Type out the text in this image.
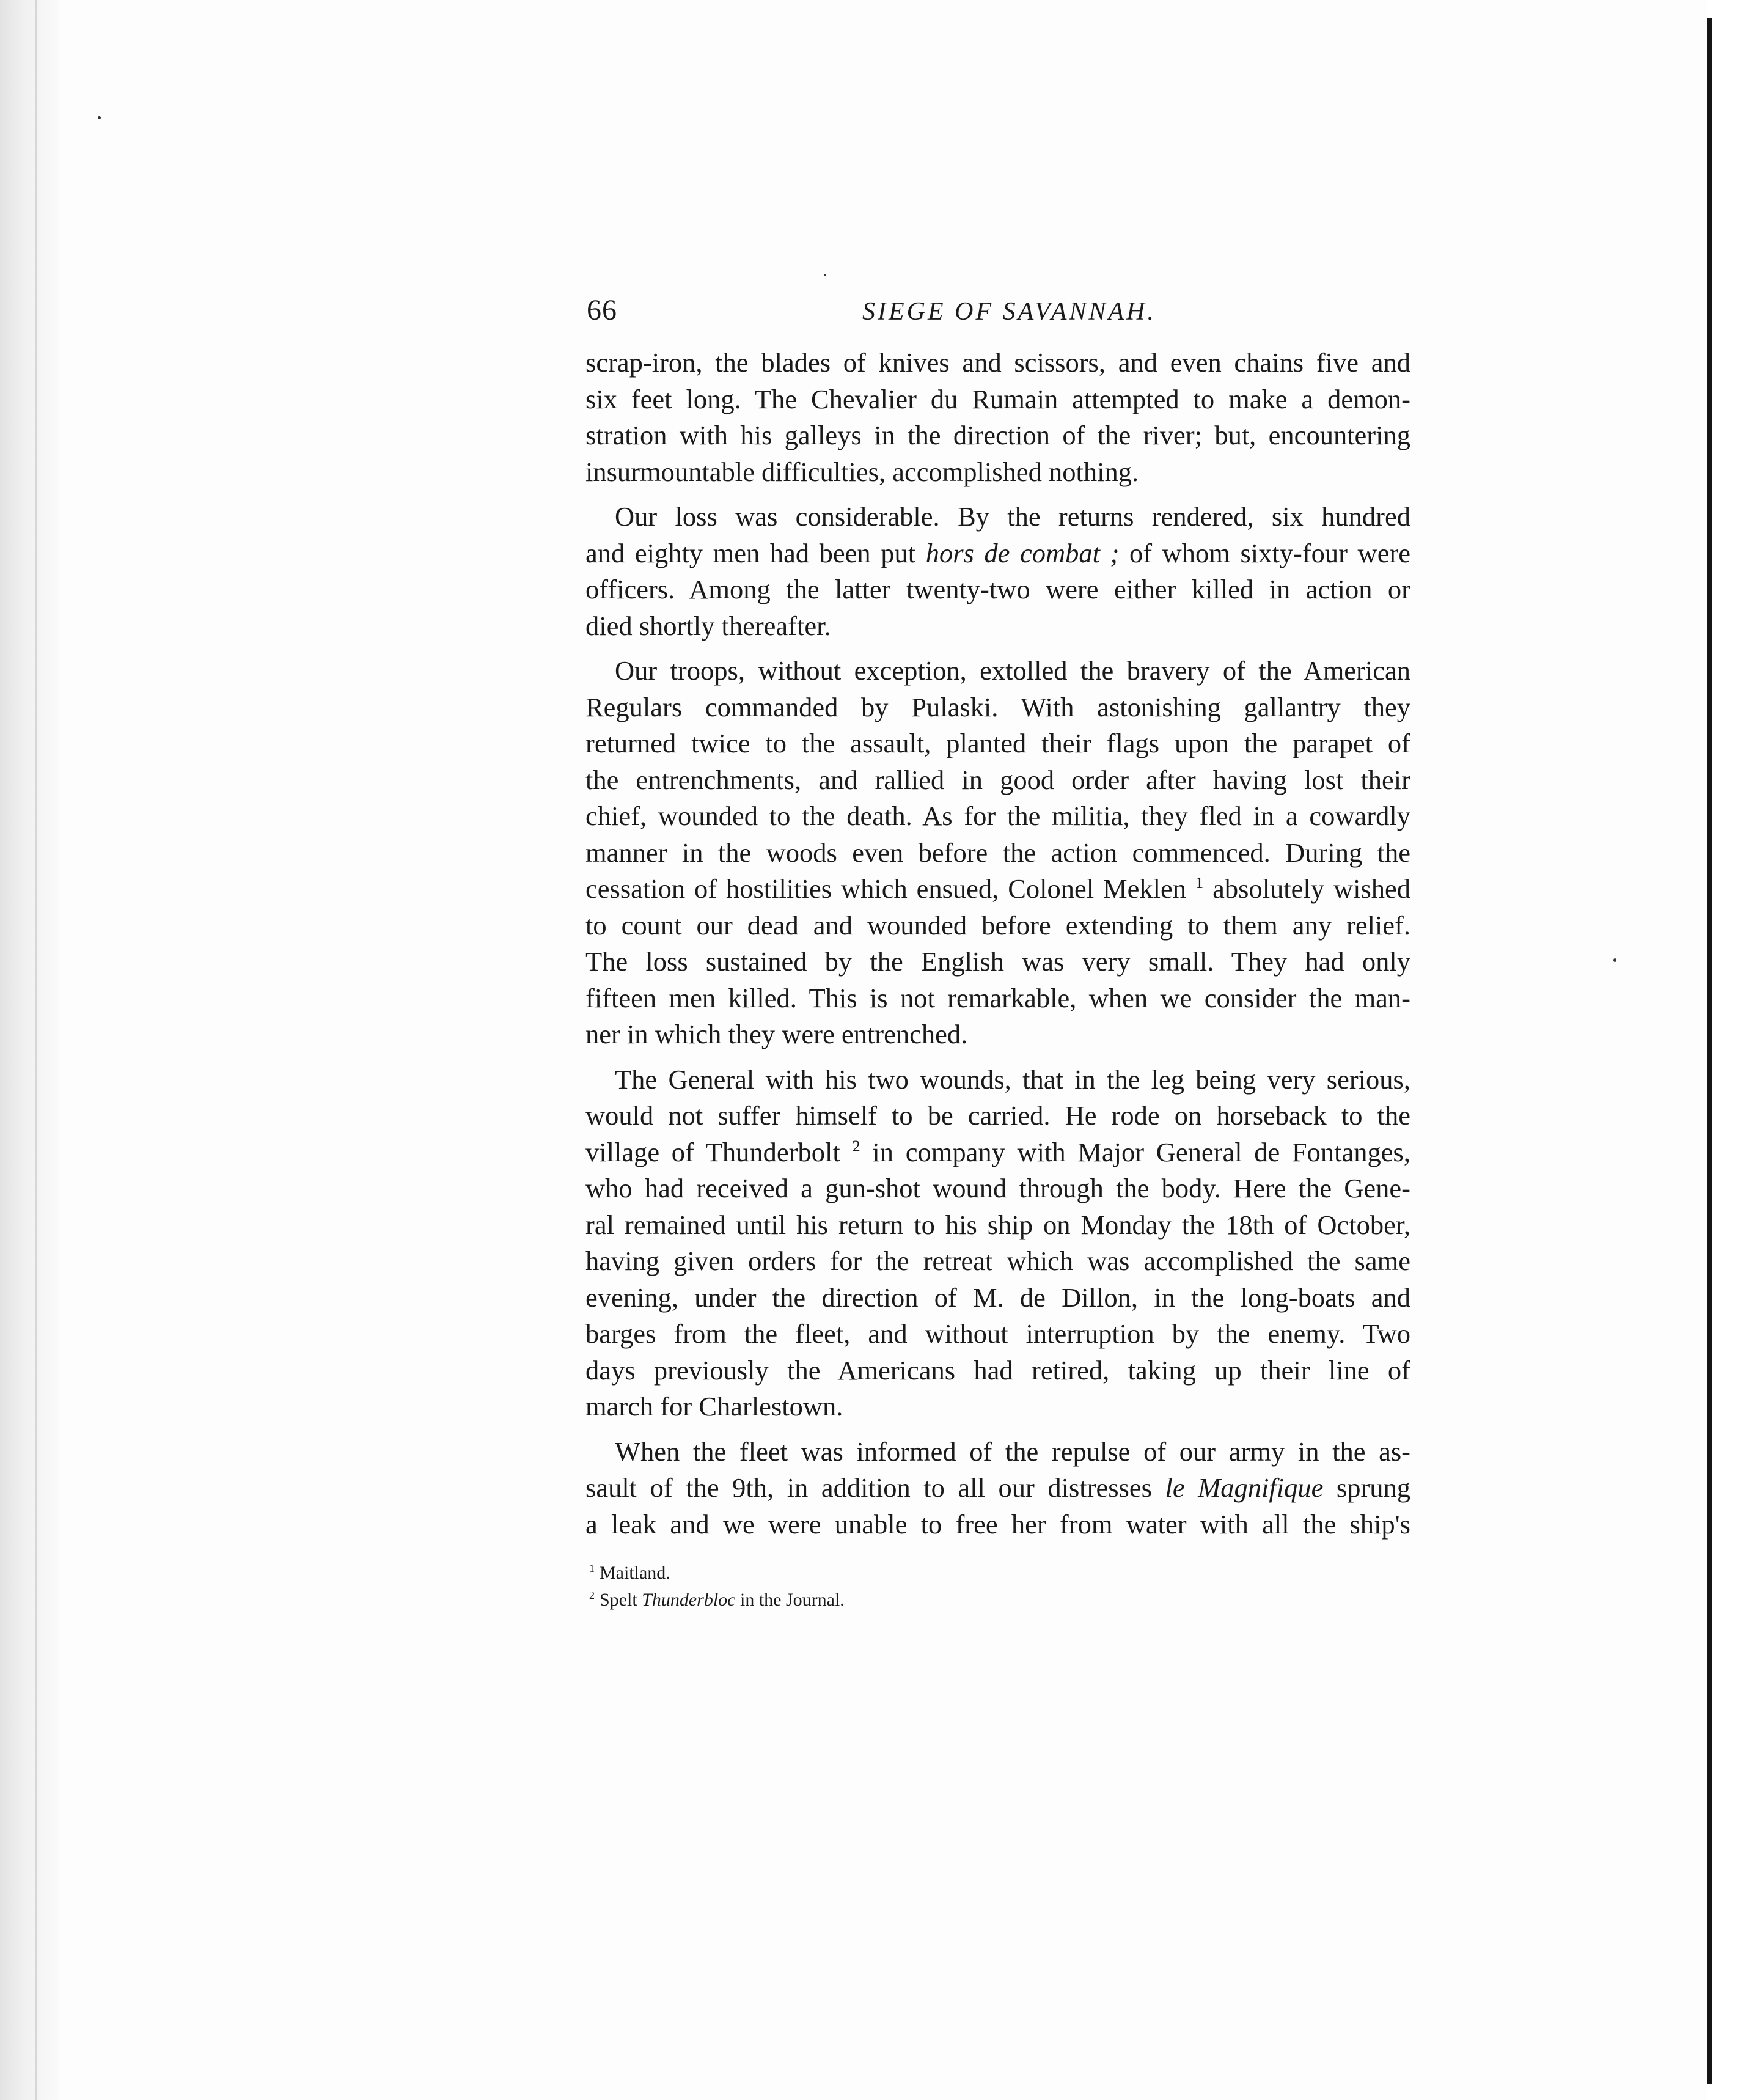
66	SIEGE OF SAVANNAH.

scrap-iron, the blades of knives and scissors, and even chains five and

six feet long. The Chevalier du Rumain attempted to make a demon-

stration with his galleys in the direction of the river; but, encountering

insurmountable difficulties, accomplished nothing.

Our loss was considerable. By the returns rendered, six hundred

and eighty men had been put hors de combat ; of whom sixty-four were

officers. Among the latter twenty-two were either killed in action or

died shortly thereafter.

Our troops, without exception, extolled the bravery of the American

Regulars commanded by Pulaski. With astonishing gallantry they

returned twice to the assault, planted their flags upon the parapet of

the entrenchments, and rallied in good order after having lost their

chief, wounded to the death. As for the militia, they fled in a cowardly

manner in the woods even before the action commenced. During the

cessation of hostilities which ensued, Colonel Meklen $^1$ absolutely wished

to count our dead and wounded before extending to them any relief.

The loss sustained by the English was very small. They had only

fifteen men killed. This is not remarkable, when we consider the man-

ner in which they were entrenched.

The General with his two wounds, that in the leg being very serious,

would not suffer himself to be carried. He rode on horseback to the

village of Thunderbolt $^2$ in company with Major General de Fontanges,

who had received a gun-shot wound through the body. Here the Gene-

ral remained until his return to his ship on Monday the 18th of October,

having given orders for the retreat which was accomplished the same

evening, under the direction of M. de Dillon, in the long-boats and

barges from the fleet, and without interruption by the enemy. Two

days previously the Americans had retired, taking up their line of

march for Charlestown.

When the fleet was informed of the repulse of our army in the as-

sault of the 9th, in addition to all our distresses le Magnifique sprung

a leak and we were unable to free her from water with all the ship's

$^1$ Maitland.
$^2$ Spelt Thunderbloc in the Journal.
